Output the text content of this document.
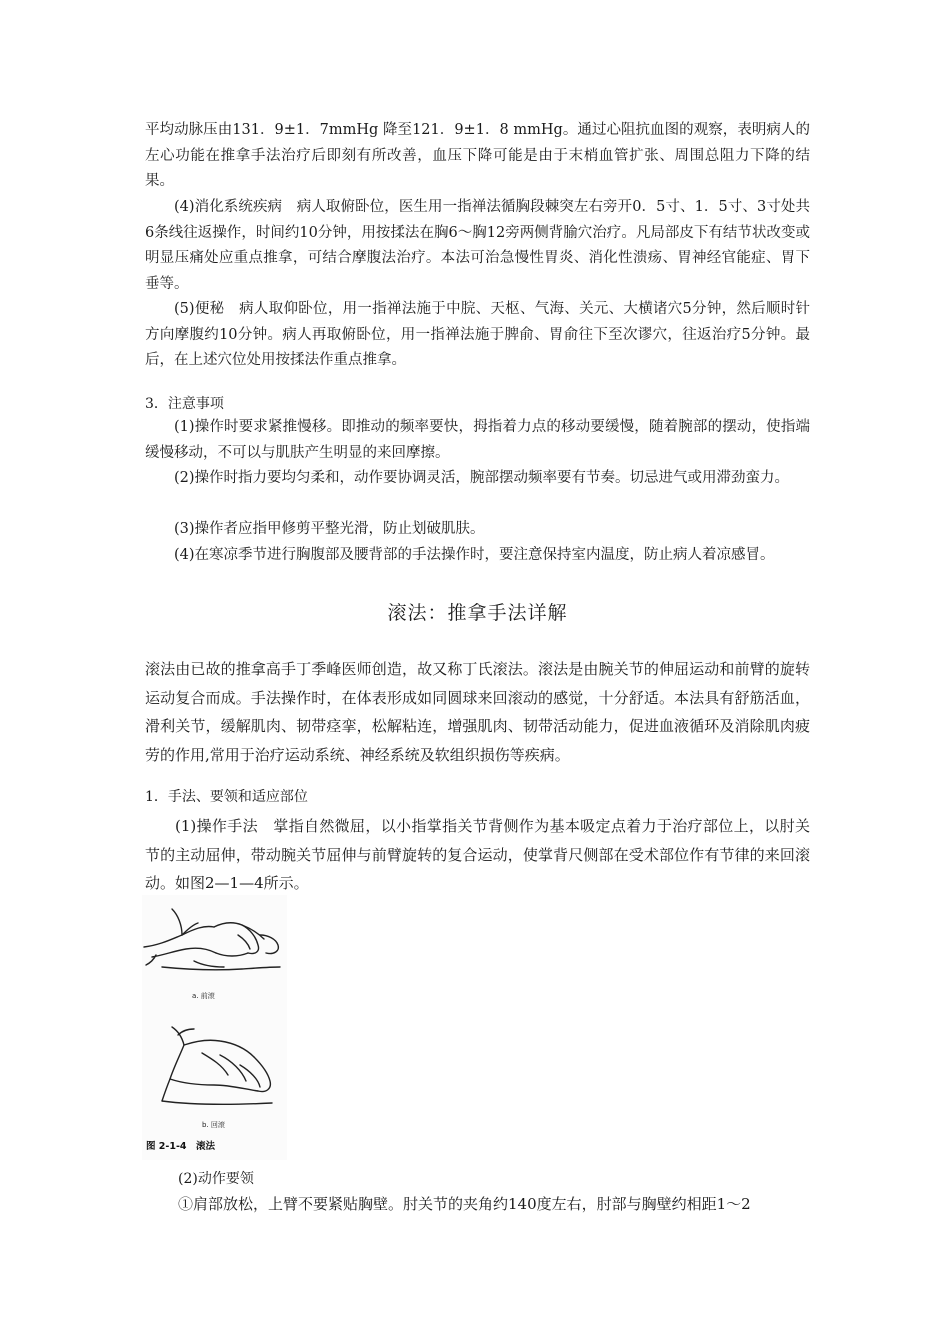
平均动脉压由131．9±1．7mmHg 降至121．9±1．8 mmHg。通过心阻抗血图的观察，表明病人的左心功能在推拿手法治疗后即刻有所改善，血压下降可能是由于末梢血管扩张、周围总阻力下降的结果。

(4)消化系统疾病　病人取俯卧位，医生用一指禅法循胸段棘突左右旁开0．5寸、1．5寸、3寸处共6条线往返操作，时间约10分钟，用按揉法在胸6～胸12旁两侧背腧穴治疗。凡局部皮下有结节状改变或明显压痛处应重点推拿，可结合摩腹法治疗。本法可治急慢性胃炎、消化性溃疡、胃神经官能症、胃下垂等。

(5)便秘　病人取仰卧位，用一指禅法施于中脘、天枢、气海、关元、大横诸穴5分钟，然后顺时针方向摩腹约10分钟。病人再取俯卧位，用一指禅法施于脾俞、胃俞往下至次谬穴，往返治疗5分钟。最后，在上述穴位处用按揉法作重点推拿。

3．注意事项

(1)操作时要求紧推慢移。即推动的频率要快，拇指着力点的移动要缓慢，随着腕部的摆动，使指端缓慢移动，不可以与肌肤产生明显的来回摩擦。

(2)操作时指力要均匀柔和，动作要协调灵活，腕部摆动频率要有节奏。切忌进气或用滞劲蛮力。

(3)操作者应指甲修剪平整光滑，防止划破肌肤。

(4)在寒凉季节进行胸腹部及腰背部的手法操作时，要注意保持室内温度，防止病人着凉感冒。

滚法：推拿手法详解

滚法由已故的推拿高手丁季峰医师创造，故又称丁氏滚法。滚法是由腕关节的伸屈运动和前臂的旋转运动复合而成。手法操作时，在体表形成如同圆球来回滚动的感觉，十分舒适。本法具有舒筋活血，滑利关节，缓解肌肉、韧带痉挛，松解粘连，增强肌肉、韧带活动能力，促进血液循环及消除肌肉疲劳的作用,常用于治疗运动系统、神经系统及软组织损伤等疾病。

1．手法、要领和适应部位

(1)操作手法　掌指自然微屈，以小指掌指关节背侧作为基本吸定点着力于治疗部位上，以肘关节的主动屈伸，带动腕关节屈伸与前臂旋转的复合运动，使掌背尺侧部在受术部位作有节律的来回滚动。如图2—1—4所示。

a. 前滚
b. 回滚
图 2-1-4　滚法

(2)动作要领

①肩部放松，上臂不要紧贴胸壁。肘关节的夹角约140度左右，肘部与胸壁约相距1～2
